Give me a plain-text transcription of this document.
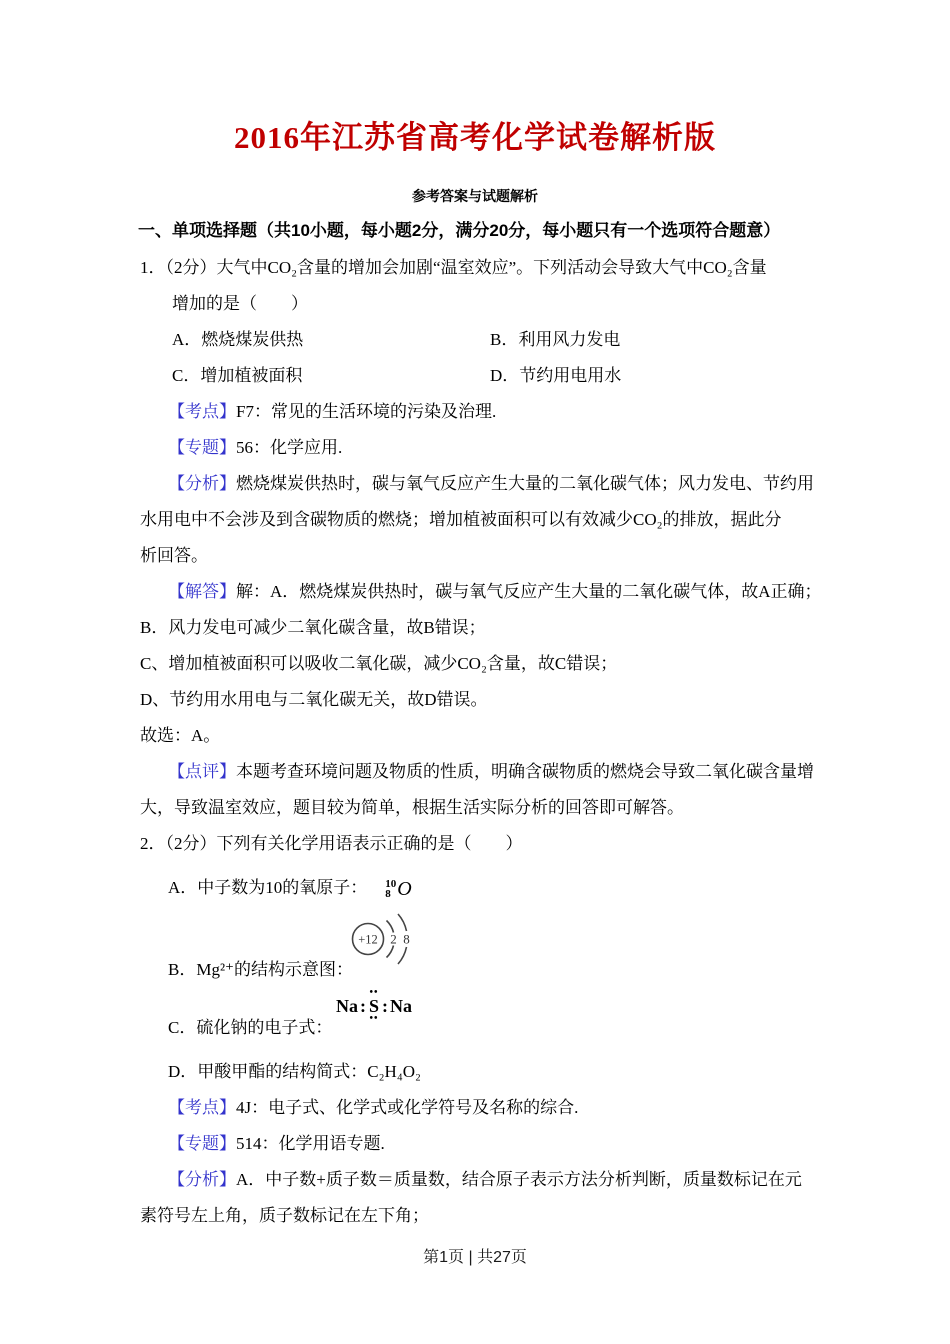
2016年江苏省高考化学试卷解析版
参考答案与试题解析
一、单项选择题（共10小题，每小题2分，满分20分，每小题只有一个选项符合题意）
1．（2分）大气中CO₂含量的增加会加剧“温室效应”。下列活动会导致大气中CO₂含量
增加的是（　　）
A．燃烧煤炭供热	B．利用风力发电
C．增加植被面积	D．节约用电用水
【考点】F7：常见的生活环境的污染及治理.
【专题】56：化学应用.
【分析】燃烧煤炭供热时，碳与氧气反应产生大量的二氧化碳气体；风力发电、节约用
水用电中不会涉及到含碳物质的燃烧；增加植被面积可以有效减少CO₂的排放，据此分
析回答。
【解答】解：A．燃烧煤炭供热时，碳与氧气反应产生大量的二氧化碳气体，故A正确；
B．风力发电可减少二氧化碳含量，故B错误；
C、增加植被面积可以吸收二氧化碳，减少CO₂含量，故C错误；
D、节约用水用电与二氧化碳无关，故D错误。
故选：A。
【点评】本题考查环境问题及物质的性质，明确含碳物质的燃烧会导致二氧化碳含量增
大，导致温室效应，题目较为简单，根据生活实际分析的回答即可解答。
2．（2分）下列有关化学用语表示正确的是（　　）
A．中子数为10的氧原子： 10
8 O
+12 2 8
B．Mg²⁺的结构示意图：
Na :
••
S
••
: Na
C．硫化钠的电子式：
D．甲酸甲酯的结构简式：C₂H₄O₂
【考点】4J：电子式、化学式或化学符号及名称的综合.
【专题】514：化学用语专题.
【分析】A．中子数+质子数＝质量数，结合原子表示方法分析判断，质量数标记在元
素符号左上角，质子数标记在左下角；
第1页 | 共27页
